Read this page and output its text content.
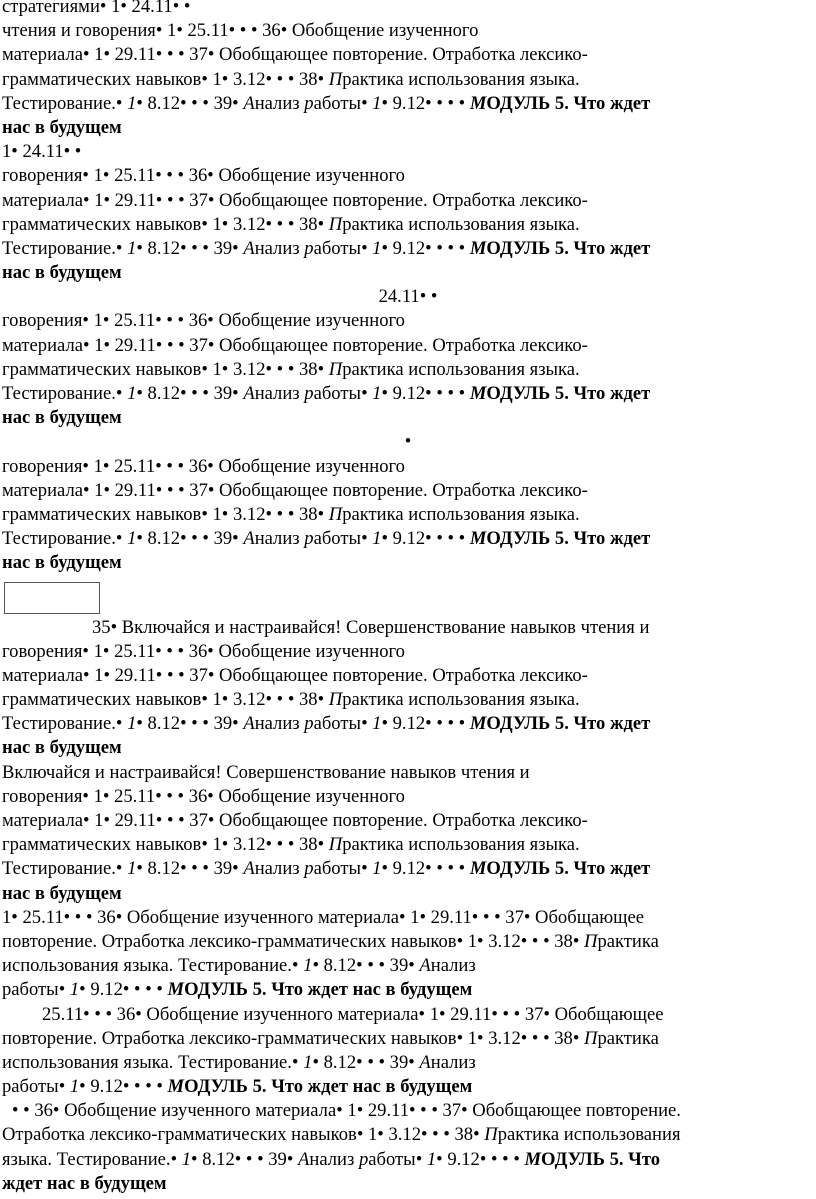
стратегиями• 1• 24.11• •
чтения и говорения• 1• 25.11• • • 36• Обобщение изученного
материала• 1• 29.11• • • 37• Обобщающее повторение. Отработка лексико-
грамматических навыков• 1• 3.12• • • 38• Практика использования языка.
Тестирование.• 1• 8.12• • • 39• Анализ работы• 1• 9.12• • • • МОДУЛЬ 5. Что ждет
нас в будущем
1• 24.11• •
говорения• 1• 25.11• • • 36• Обобщение изученного
материала• 1• 29.11• • • 37• Обобщающее повторение. Отработка лексико-
грамматических навыков• 1• 3.12• • • 38• Практика использования языка.
Тестирование.• 1• 8.12• • • 39• Анализ работы• 1• 9.12• • • • МОДУЛЬ 5. Что ждет
нас в будущем
24.11• •
говорения• 1• 25.11• • • 36• Обобщение изученного
материала• 1• 29.11• • • 37• Обобщающее повторение. Отработка лексико-
грамматических навыков• 1• 3.12• • • 38• Практика использования языка.
Тестирование.• 1• 8.12• • • 39• Анализ работы• 1• 9.12• • • • МОДУЛЬ 5. Что ждет
нас в будущем
•
говорения• 1• 25.11• • • 36• Обобщение изученного
материала• 1• 29.11• • • 37• Обобщающее повторение. Отработка лексико-
грамматических навыков• 1• 3.12• • • 38• Практика использования языка.
Тестирование.• 1• 8.12• • • 39• Анализ работы• 1• 9.12• • • • МОДУЛЬ 5. Что ждет
нас в будущем
35• Включайся и настраивайся! Совершенствование навыков чтения и
говорения• 1• 25.11• • • 36• Обобщение изученного
материала• 1• 29.11• • • 37• Обобщающее повторение. Отработка лексико-
грамматических навыков• 1• 3.12• • • 38• Практика использования языка.
Тестирование.• 1• 8.12• • • 39• Анализ работы• 1• 9.12• • • • МОДУЛЬ 5. Что ждет
нас в будущем
Включайся и настраивайся! Совершенствование навыков чтения и
говорения• 1• 25.11• • • 36• Обобщение изученного
материала• 1• 29.11• • • 37• Обобщающее повторение. Отработка лексико-
грамматических навыков• 1• 3.12• • • 38• Практика использования языка.
Тестирование.• 1• 8.12• • • 39• Анализ работы• 1• 9.12• • • • МОДУЛЬ 5. Что ждет
нас в будущем
1• 25.11• • • 36• Обобщение изученного материала• 1• 29.11• • • 37• Обобщающее
повторение. Отработка лексико-грамматических навыков• 1• 3.12• • • 38• Практика
использования языка. Тестирование.• 1• 8.12• • • 39• Анализ
работы• 1• 9.12• • • • МОДУЛЬ 5. Что ждет нас в будущем
25.11• • • 36• Обобщение изученного материала• 1• 29.11• • • 37• Обобщающее
повторение. Отработка лексико-грамматических навыков• 1• 3.12• • • 38• Практика
использования языка. Тестирование.• 1• 8.12• • • 39• Анализ
работы• 1• 9.12• • • • МОДУЛЬ 5. Что ждет нас в будущем
• • 36• Обобщение изученного материала• 1• 29.11• • • 37• Обобщающее повторение.
Отработка лексико-грамматических навыков• 1• 3.12• • • 38• Практика использования
языка. Тестирование.• 1• 8.12• • • 39• Анализ работы• 1• 9.12• • • • МОДУЛЬ 5. Что
ждет нас в будущем
